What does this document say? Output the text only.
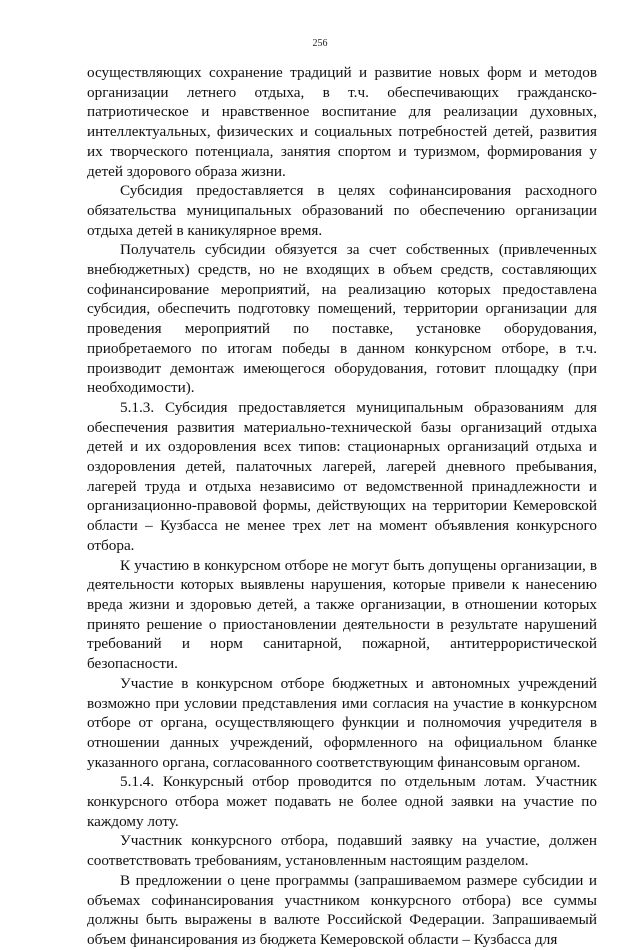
256

осуществляющих сохранение традиций и развитие новых форм и методов организации летнего отдыха, в т.ч. обеспечивающих гражданско-патриотическое и нравственное воспитание для реализации духовных, интеллектуальных, физических и социальных потребностей детей, развития их творческого потенциала, занятия спортом и туризмом, формирования у детей здорового образа жизни.

Субсидия предоставляется в целях софинансирования расходного обязательства муниципальных образований по обеспечению организации отдыха детей в каникулярное время.

Получатель субсидии обязуется за счет собственных (привлеченных внебюджетных) средств, но не входящих в объем средств, составляющих софинансирование мероприятий, на реализацию которых предоставлена субсидия, обеспечить подготовку помещений, территории организации для проведения мероприятий по поставке, установке оборудования, приобретаемого по итогам победы в данном конкурсном отборе, в т.ч. производит демонтаж имеющегося оборудования, готовит площадку (при необходимости).

5.1.3. Субсидия предоставляется муниципальным образованиям для обеспечения развития материально-технической базы организаций отдыха детей и их оздоровления всех типов: стационарных организаций отдыха и оздоровления детей, палаточных лагерей, лагерей дневного пребывания, лагерей труда и отдыха независимо от ведомственной принадлежности и организационно-правовой формы, действующих на территории Кемеровской области – Кузбасса не менее трех лет на момент объявления конкурсного отбора.

К участию в конкурсном отборе не могут быть допущены организации, в деятельности которых выявлены нарушения, которые привели к нанесению вреда жизни и здоровью детей, а также организации, в отношении которых принято решение о приостановлении деятельности в результате нарушений требований и норм санитарной, пожарной, антитеррористической безопасности.

Участие в конкурсном отборе бюджетных и автономных учреждений возможно при условии представления ими согласия на участие в конкурсном отборе от органа, осуществляющего функции и полномочия учредителя в отношении данных учреждений, оформленного на официальном бланке указанного органа, согласованного соответствующим финансовым органом.

5.1.4. Конкурсный отбор проводится по отдельным лотам. Участник конкурсного отбора может подавать не более одной заявки на участие по каждому лоту.

Участник конкурсного отбора, подавший заявку на участие, должен соответствовать требованиям, установленным настоящим разделом.

В предложении о цене программы (запрашиваемом размере субсидии и объемах софинансирования участником конкурсного отбора) все суммы должны быть выражены в валюте Российской Федерации. Запрашиваемый объем финансирования из бюджета Кемеровской области – Кузбасса для
